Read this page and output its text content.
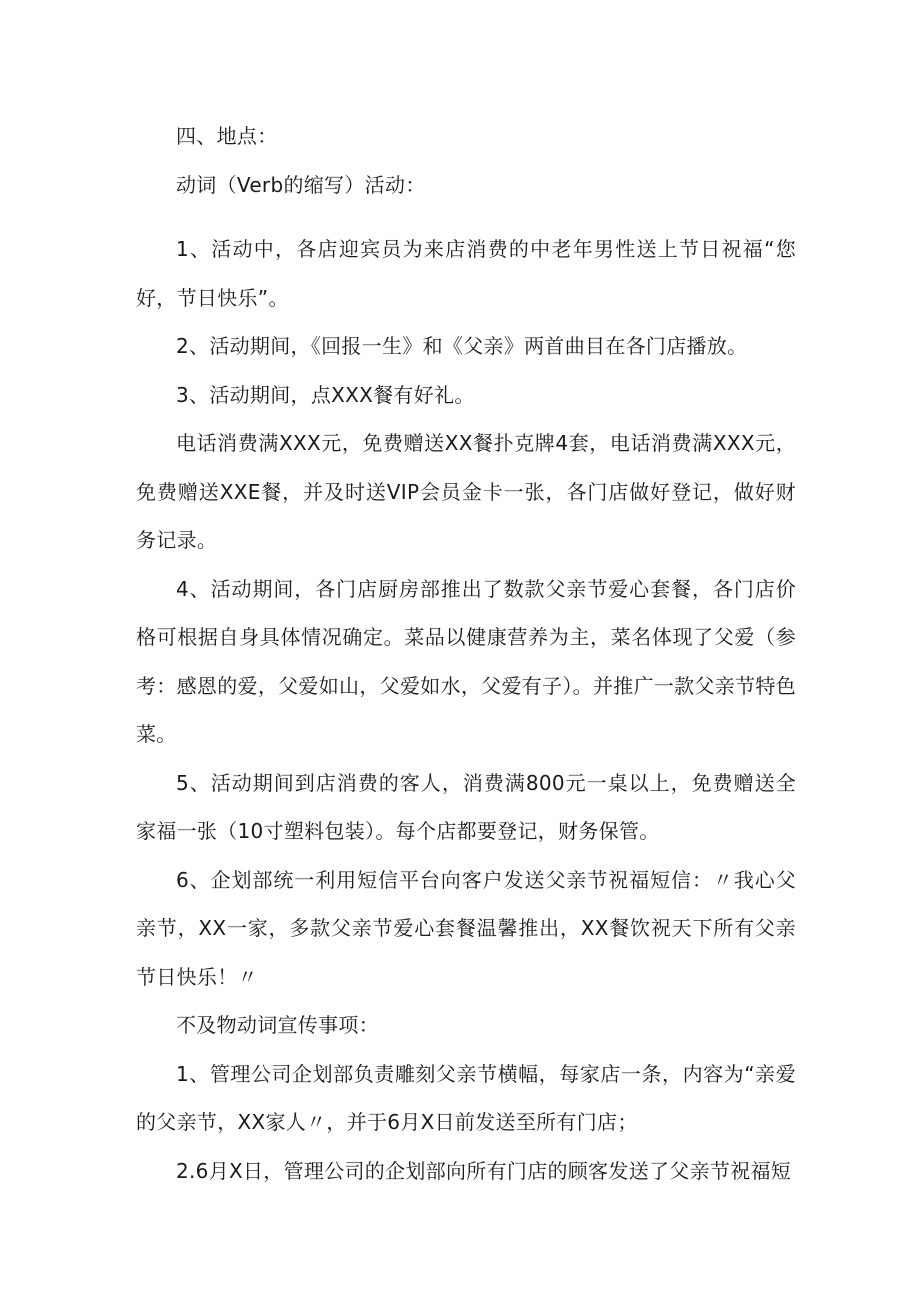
四、地点：

动词（Verb的缩写）活动：

1、活动中，各店迎宾员为来店消费的中老年男性送上节日祝福“您好，节日快乐”。

2、活动期间，《回报一生》和《父亲》两首曲目在各门店播放。

3、活动期间，点XXX餐有好礼。

电话消费满XXX元，免费赠送XX餐扑克牌4套，电话消费满XXX元，免费赠送XXE餐，并及时送VIP会员金卡一张，各门店做好登记，做好财务记录。

4、活动期间，各门店厨房部推出了数款父亲节爱心套餐，各门店价格可根据自身具体情况确定。菜品以健康营养为主，菜名体现了父爱（参考：感恩的爱，父爱如山，父爱如水，父爱有子）。并推广一款父亲节特色菜。

5、活动期间到店消费的客人，消费满800元一桌以上，免费赠送全家福一张（10寸塑料包装）。每个店都要登记，财务保管。

6、企划部统一利用短信平台向客户发送父亲节祝福短信：〃我心父亲节，XX一家，多款父亲节爱心套餐温馨推出，XX餐饮祝天下所有父亲节日快乐！〃

不及物动词宣传事项：

1、管理公司企划部负责雕刻父亲节横幅，每家店一条，内容为“亲爱的父亲节，XX家人〃，并于6月X日前发送至所有门店；

2.6月X日，管理公司的企划部向所有门店的顾客发送了父亲节祝福短
